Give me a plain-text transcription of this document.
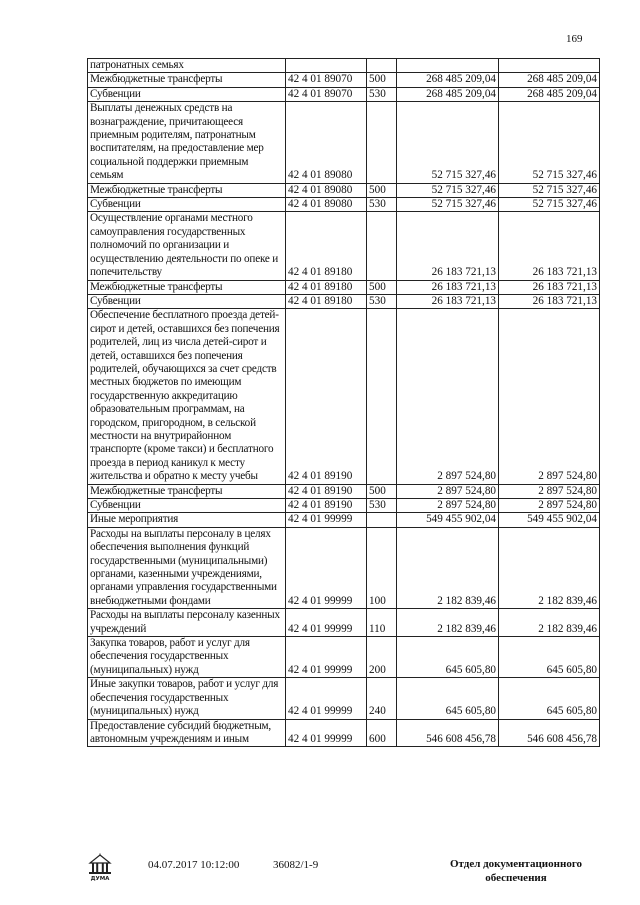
169
патронатных семьях				
Межбюджетные трансферты	42 4 01 89070	500	268 485 209,04	268 485 209,04
Субвенции	42 4 01 89070	530	268 485 209,04	268 485 209,04
Выплаты денежных средств на вознаграждение, причитающееся приемным родителям, патронатным воспитателям, на предоставление мер социальной поддержки приемным семьям	42 4 01 89080		52 715 327,46	52 715 327,46
Межбюджетные трансферты	42 4 01 89080	500	52 715 327,46	52 715 327,46
Субвенции	42 4 01 89080	530	52 715 327,46	52 715 327,46
Осуществление органами местного самоуправления государственных полномочий по организации и осуществлению деятельности по опеке и попечительству	42 4 01 89180		26 183 721,13	26 183 721,13
Межбюджетные трансферты	42 4 01 89180	500	26 183 721,13	26 183 721,13
Субвенции	42 4 01 89180	530	26 183 721,13	26 183 721,13
Обеспечение бесплатного проезда детей-сирот и детей, оставшихся без попечения родителей, лиц из числа детей-сирот и детей, оставшихся без попечения родителей, обучающихся за счет средств местных бюджетов по имеющим государственную аккредитацию образовательным программам, на городском, пригородном, в сельской местности на внутрирайонном транспорте (кроме такси) и бесплатного проезда в период каникул к месту жительства и обратно к месту учебы	42 4 01 89190		2 897 524,80	2 897 524,80
Межбюджетные трансферты	42 4 01 89190	500	2 897 524,80	2 897 524,80
Субвенции	42 4 01 89190	530	2 897 524,80	2 897 524,80
Иные мероприятия	42 4 01 99999		549 455 902,04	549 455 902,04
Расходы на выплаты персоналу в целях обеспечения выполнения функций государственными (муниципальными) органами, казенными учреждениями, органами управления государственными внебюджетными фондами	42 4 01 99999	100	2 182 839,46	2 182 839,46
Расходы на выплаты персоналу казенных учреждений	42 4 01 99999	110	2 182 839,46	2 182 839,46
Закупка товаров, работ и услуг для обеспечения государственных (муниципальных) нужд	42 4 01 99999	200	645 605,80	645 605,80
Иные закупки товаров, работ и услуг для обеспечения государственных (муниципальных) нужд	42 4 01 99999	240	645 605,80	645 605,80
Предоставление субсидий бюджетным, автономным учреждениям и иным	42 4 01 99999	600	546 608 456,78	546 608 456,78
ДУМА
04.07.2017 10:12:00	36082/1-9	Отдел документационного
обеспечения
